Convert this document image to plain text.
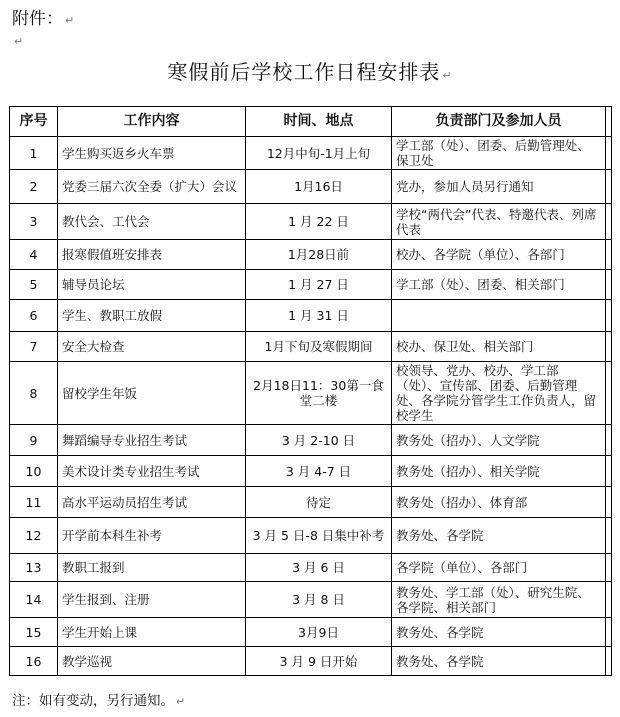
附件： ↵
↵
寒假前后学校工作日程安排表 ↵
序号	工作内容	时间、地点	负责部门及参加人员	
1	学生购买返乡火车票	12月中旬-1月上旬	学工部（处）、团委、后勤管理处、保卫处	
2	党委三届六次全委（扩大）会议	1月16日	党办，参加人员另行通知	
3	教代会、工代会	1 月 22 日	学校“两代会”代表、特邀代表、列席代表	
4	报寒假值班安排表	1月28日前	校办、各学院（单位）、各部门	
5	辅导员论坛	1 月 27 日	学工部（处）、团委、相关部门	
6	学生、教职工放假	1 月 31 日		
7	安全大检查	1月下旬及寒假期间	校办、保卫处、相关部门	
8	留校学生年饭	2月18日11：30第一食堂二楼	校领导、党办、校办、学工部（处）、宣传部、团委、后勤管理处、各学院分管学生工作负责人，留校学生	
9	舞蹈编导专业招生考试	3 月 2-10 日	教务处（招办）、人文学院	
10	美术设计类专业招生考试	3 月 4-7 日	教务处（招办）、相关学院	
11	高水平运动员招生考试	待定	教务处（招办）、体育部	
12	开学前本科生补考	3 月 5 日-8 日集中补考	教务处、各学院	
13	教职工报到	3 月 6 日	各学院（单位）、各部门	
14	学生报到、注册	3 月 8 日	教务处、学工部（处）、研究生院、各学院、相关部门	
15	学生开始上课	3月9日	教务处、各学院	
16	教学巡视	3 月 9 日开始	教务处、各学院	
注：如有变动，另行通知。 ↵
